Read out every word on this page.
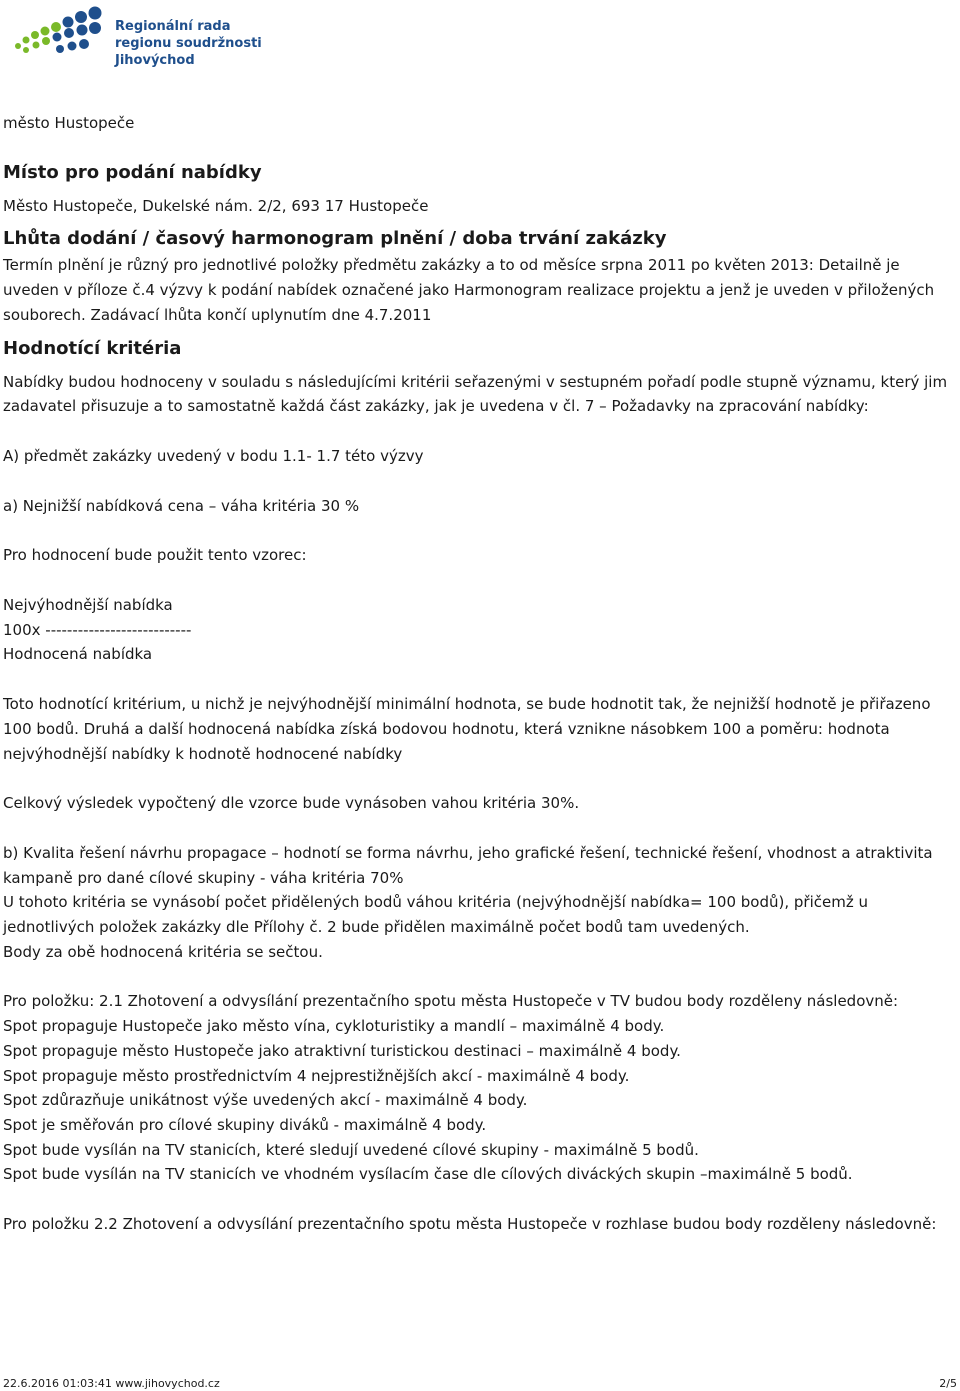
Regionální rada
regionu soudržnosti
Jihovýchod

město Hustopeče

Místo pro podání nabídky

Město Hustopeče, Dukelské nám. 2/2, 693 17 Hustopeče

Lhůta dodání / časový harmonogram plnění / doba trvání zakázky

Termín plnění je různý pro jednotlivé položky předmětu zakázky a to od měsíce srpna 2011 po květen 2013: Detailně je uveden v příloze č.4 výzvy k podání nabídek označené jako Harmonogram realizace projektu a jenž je uveden v přiložených souborech. Zadávací lhůta končí uplynutím dne 4.7.2011

Hodnotící kritéria

Nabídky budou hodnoceny v souladu s následujícími kritérii seřazenými v sestupném pořadí podle stupně významu, který jim zadavatel přisuzuje a to samostatně každá část zakázky, jak je uvedena v čl. 7 – Požadavky na zpracování nabídky:

A) předmět zakázky uvedený v bodu 1.1- 1.7 této výzvy

a) Nejnižší nabídková cena – váha kritéria 30 %

Pro hodnocení bude použit tento vzorec:

Nejvýhodnější nabídka

100x ---------------------------

Hodnocená nabídka

Toto hodnotící kritérium, u nichž je nejvýhodnější minimální hodnota, se bude hodnotit tak, že nejnižší hodnotě je přiřazeno 100 bodů. Druhá a další hodnocená nabídka získá bodovou hodnotu, která vznikne násobkem 100 a poměru: hodnota nejvýhodnější nabídky k hodnotě hodnocené nabídky

Celkový výsledek vypočtený dle vzorce bude vynásoben vahou kritéria 30%.

b) Kvalita řešení návrhu propagace – hodnotí se forma návrhu, jeho grafické řešení, technické řešení, vhodnost a atraktivita kampaně pro dané cílové skupiny - váha kritéria 70%

U tohoto kritéria se vynásobí počet přidělených bodů váhou kritéria (nejvýhodnější nabídka= 100 bodů), přičemž u jednotlivých položek zakázky dle Přílohy č. 2 bude přidělen maximálně počet bodů tam uvedených.

Body za obě hodnocená kritéria se sečtou.

Pro položku: 2.1 Zhotovení a odvysílání prezentačního spotu města Hustopeče v TV budou body rozděleny následovně:

Spot propaguje Hustopeče jako město vína, cykloturistiky a mandlí – maximálně 4 body.

Spot propaguje město Hustopeče jako atraktivní turistickou destinaci – maximálně 4 body.

Spot propaguje město prostřednictvím 4 nejprestižnějších akcí - maximálně 4 body.

Spot zdůrazňuje unikátnost výše uvedených akcí - maximálně 4 body.

Spot je směřován pro cílové skupiny diváků - maximálně 4 body.

Spot bude vysílán na TV stanicích, které sledují uvedené cílové skupiny - maximálně 5 bodů.

Spot bude vysílán na TV stanicích ve vhodném vysílacím čase dle cílových diváckých skupin –maximálně 5 bodů.

Pro položku 2.2 Zhotovení a odvysílání prezentačního spotu města Hustopeče v rozhlase budou body rozděleny následovně:

22.6.2016 01:03:41 www.jihovychod.cz	2/5
